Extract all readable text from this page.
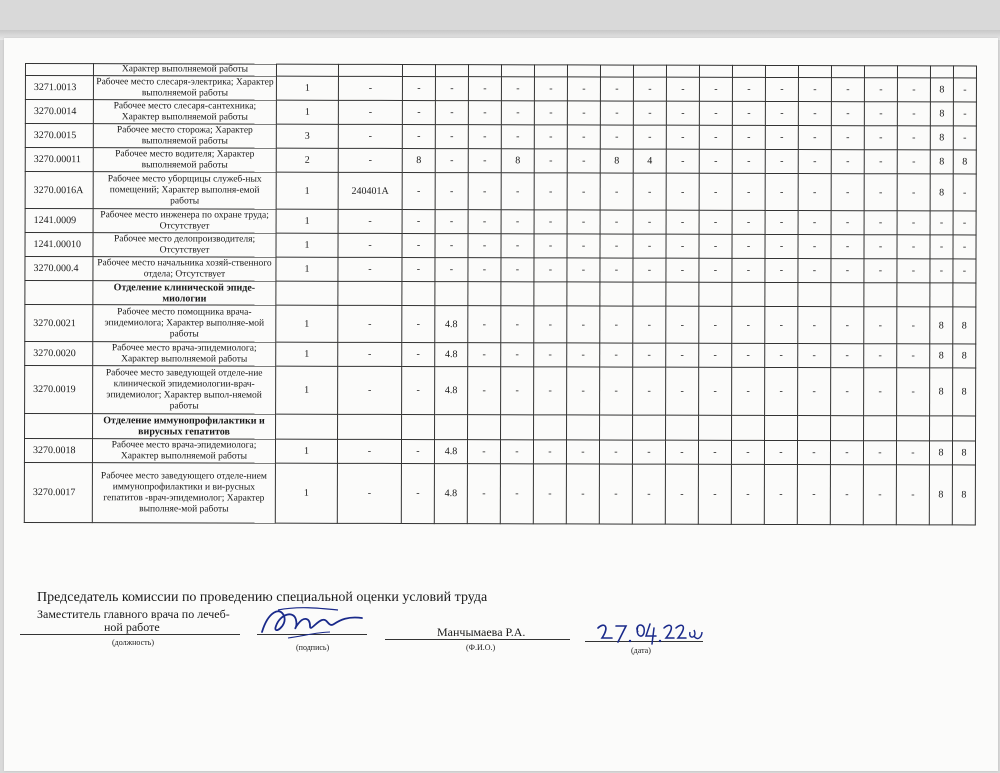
	Характер выполняемой работы																				
3271.0013	Рабочее место слесаря-электрика; Характер выполняемой работы	1	-	-	-	-	-	-	-	-	-	-	-	-	-	-	-	-	-	8	-
3270.0014	Рабочее место слесаря-сантехника; Характер выполняемой работы	1	-	-	-	-	-	-	-	-	-	-	-	-	-	-	-	-	-	8	-
3270.0015	Рабочее место сторожа; Характер выполняемой работы	3	-	-	-	-	-	-	-	-	-	-	-	-	-	-	-	-	-	8	-
3270.00011	Рабочее место водителя; Характер выполняемой работы	2	-	8	-	-	8	-	-	8	4	-	-	-	-	-	-	-	-	8	8
3270.0016А	Рабочее место уборщицы служеб-ных помещений; Характер выполня-емой работы	1	240401А	-	-	-	-	-	-	-	-	-	-	-	-	-	-	-	-	8	-
1241.0009	Рабочее место инженера по охране труда; Отсутствует	1	-	-	-	-	-	-	-	-	-	-	-	-	-	-	-	-	-	-	-
1241.00010	Рабочее место делопроизводителя; Отсутствует	1	-	-	-	-	-	-	-	-	-	-	-	-	-	-	-	-	-	-	-
3270.000.4	Рабочее место начальника хозяй-ственного отдела; Отсутствует	1	-	-	-	-	-	-	-	-	-	-	-	-	-	-	-	-	-	-	-
	Отделение клинической эпиде-миологии																				
3270.0021	Рабочее место помощника врача-эпидемиолога; Характер выполняе-мой работы	1	-	-	4.8	-	-	-	-	-	-	-	-	-	-	-	-	-	-	8	8
3270.0020	Рабочее место врача-эпидемиолога; Характер выполняемой работы	1	-	-	4.8	-	-	-	-	-	-	-	-	-	-	-	-	-	-	8	8
3270.0019	Рабочее место заведующей отделе-ние клинической эпидемиологии-врач-эпидемиолог; Характер выпол-няемой работы	1	-	-	4.8	-	-	-	-	-	-	-	-	-	-	-	-	-	-	8	8
	Отделение иммунопрофилактики и вирусных гепатитов																				
3270.0018	Рабочее место врача-эпидемиолога; Характер выполняемой работы	1	-	-	4.8	-	-	-	-	-	-	-	-	-	-	-	-	-	-	8	8
3270.0017	Рабочее место заведующего отделе-нием иммунопрофилактики и ви-русных гепатитов -врач-эпидемиолог; Характер выполняе-мой работы	1	-	-	4.8	-	-	-	-	-	-	-	-	-	-	-	-	-	-	8	8
Председатель комиссии по проведению специальной оценки условий труда
Заместитель главного врача по лечеб-
ной работе
(должность)
(подпись)
Манчымаева Р.А.
(Ф.И.О.)	(дата)
